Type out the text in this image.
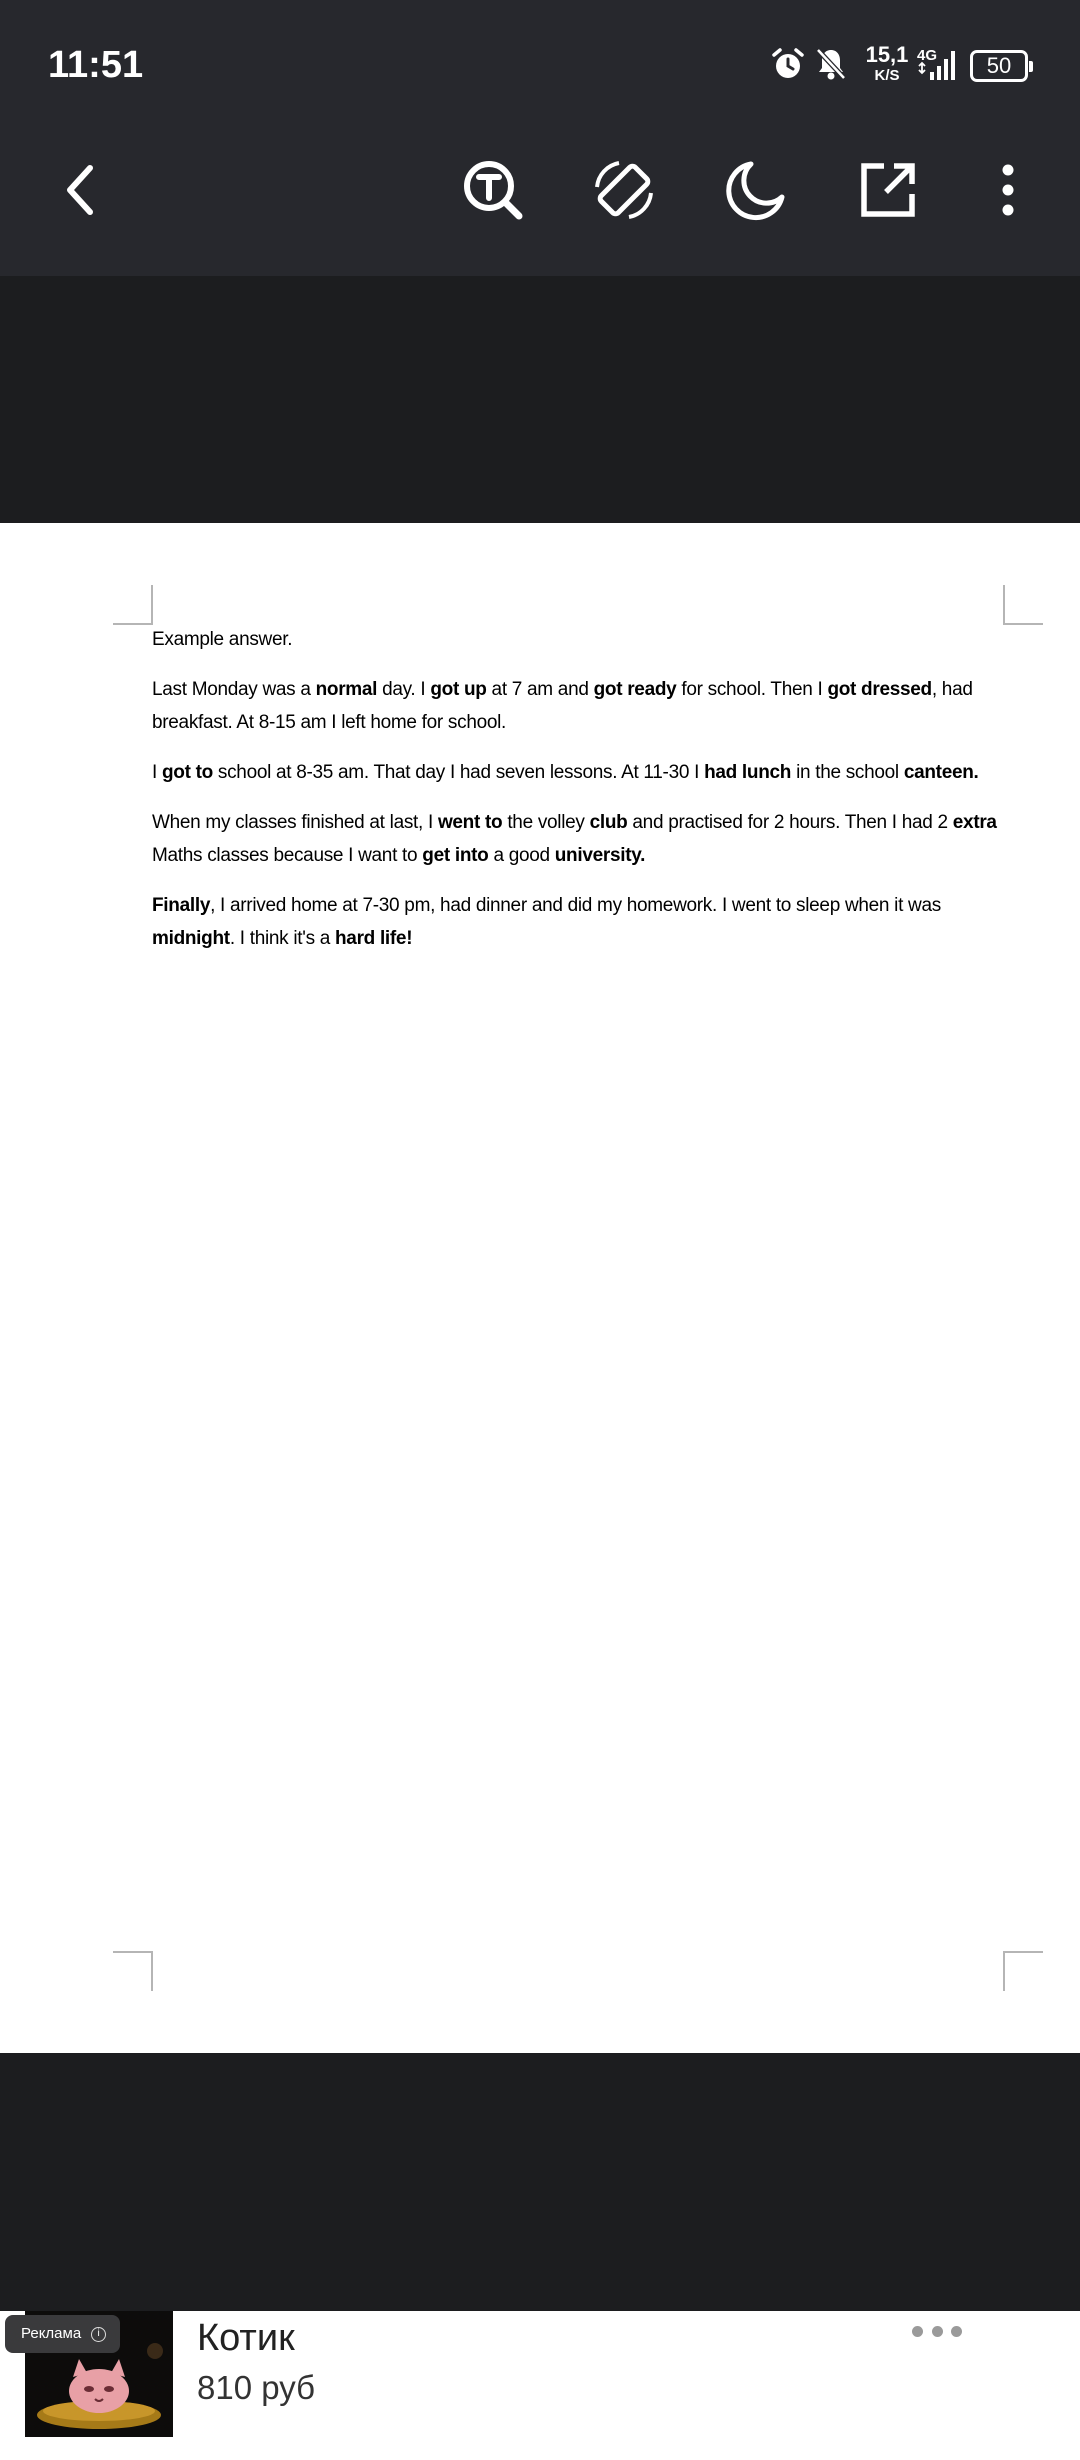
11:51	15,1
K/S
4G	50

Example answer.

Last Monday was a normal day. I got up at 7 am and got ready for school. Then I got dressed, had breakfast. At 8-15 am I left home for school.

I got to school at 8-35 am. That day I had seven lessons. At 11-30 I had lunch in the school canteen.

When my classes finished at last, I went to the volley club and practised for 2 hours. Then I had 2 extra Maths classes because I want to get into a good university.

Finally, I arrived home at 7-30 pm, had dinner and did my homework. I went to sleep when it was midnight. I think it's a hard life!

Реклама	i	Котик
810 руб
